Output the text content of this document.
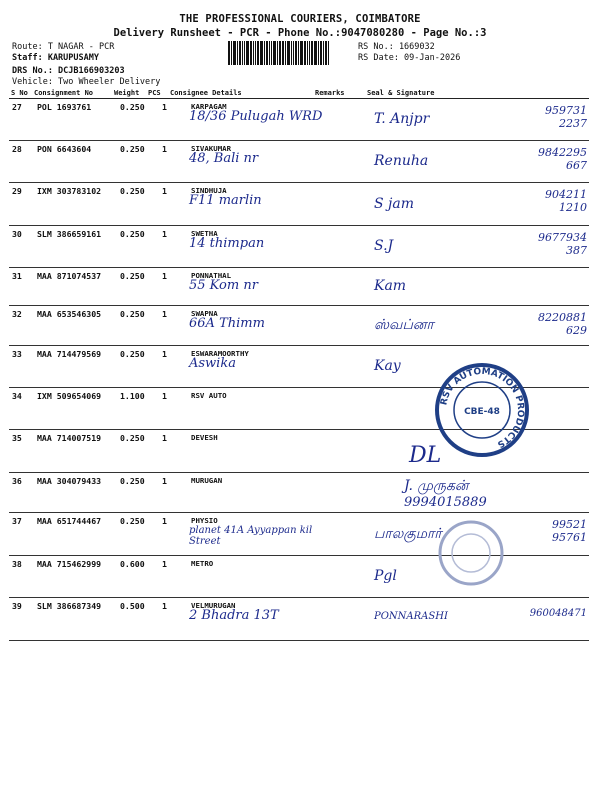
THE PROFESSIONAL COURIERS, COIMBATORE
Delivery Runsheet - PCR - Phone No.:9047080280 - Page No.:3
Route: T NAGAR - PCR
Staff: KARUPUSAMY
DRS No.: DCJB166903203
Vehicle: Two Wheeler Delivery
RS No.: 1669032
RS Date: 09-Jan-2026
S No Consignment No	Weight PCS Consignee Details	Remarks	Seal & Signature
27 POL 1693761	0.250 1	KARPAGAM
18/36 Pulugah WRD	T. Anjpr
959731 2237
28 PON 6643604	0.250 1	SIVAKUMAR
48, Bali nr	Renuha
9842295 667
29 IXM 303783102 0.250 1	SINDHUJA
F11 marlin	S jam
904211 1210
30 SLM 386659161 0.250 1	SWETHA
14 thimpan	S.J
9677934 387
31 MAA 871074537 0.250 1	PONNATHAL
55 Kom nr	Kam
32 MAA 653546305 0.250 1	SWAPNA
66A Thimm	ஸ்வப்னா	8220881 629
33 MAA 714479569 0.250 1	ESWARAMOORTHY
Aswika	Kay
34 IXM 509654069 1.100 1	RSV AUTO
35 MAA 714007519 0.250 1	DEVESH
DL
36 MAA 304079433 0.250 1	MURUGAN	J. முருகன்
9994015889
37 MAA 651744467 0.250 1	PHYSIO
planet 41A Ayyappan kil Street	பாலகுமார்
99521 95761
38 MAA 715462999 0.600 1	METRO
Pgl
39 SLM 386687349 0.500 1	VELMURUGAN
2 Bhadra 13T	PONNARASHI	960048471
RSV AUTOMATION PRODUCTS
CBE-48
